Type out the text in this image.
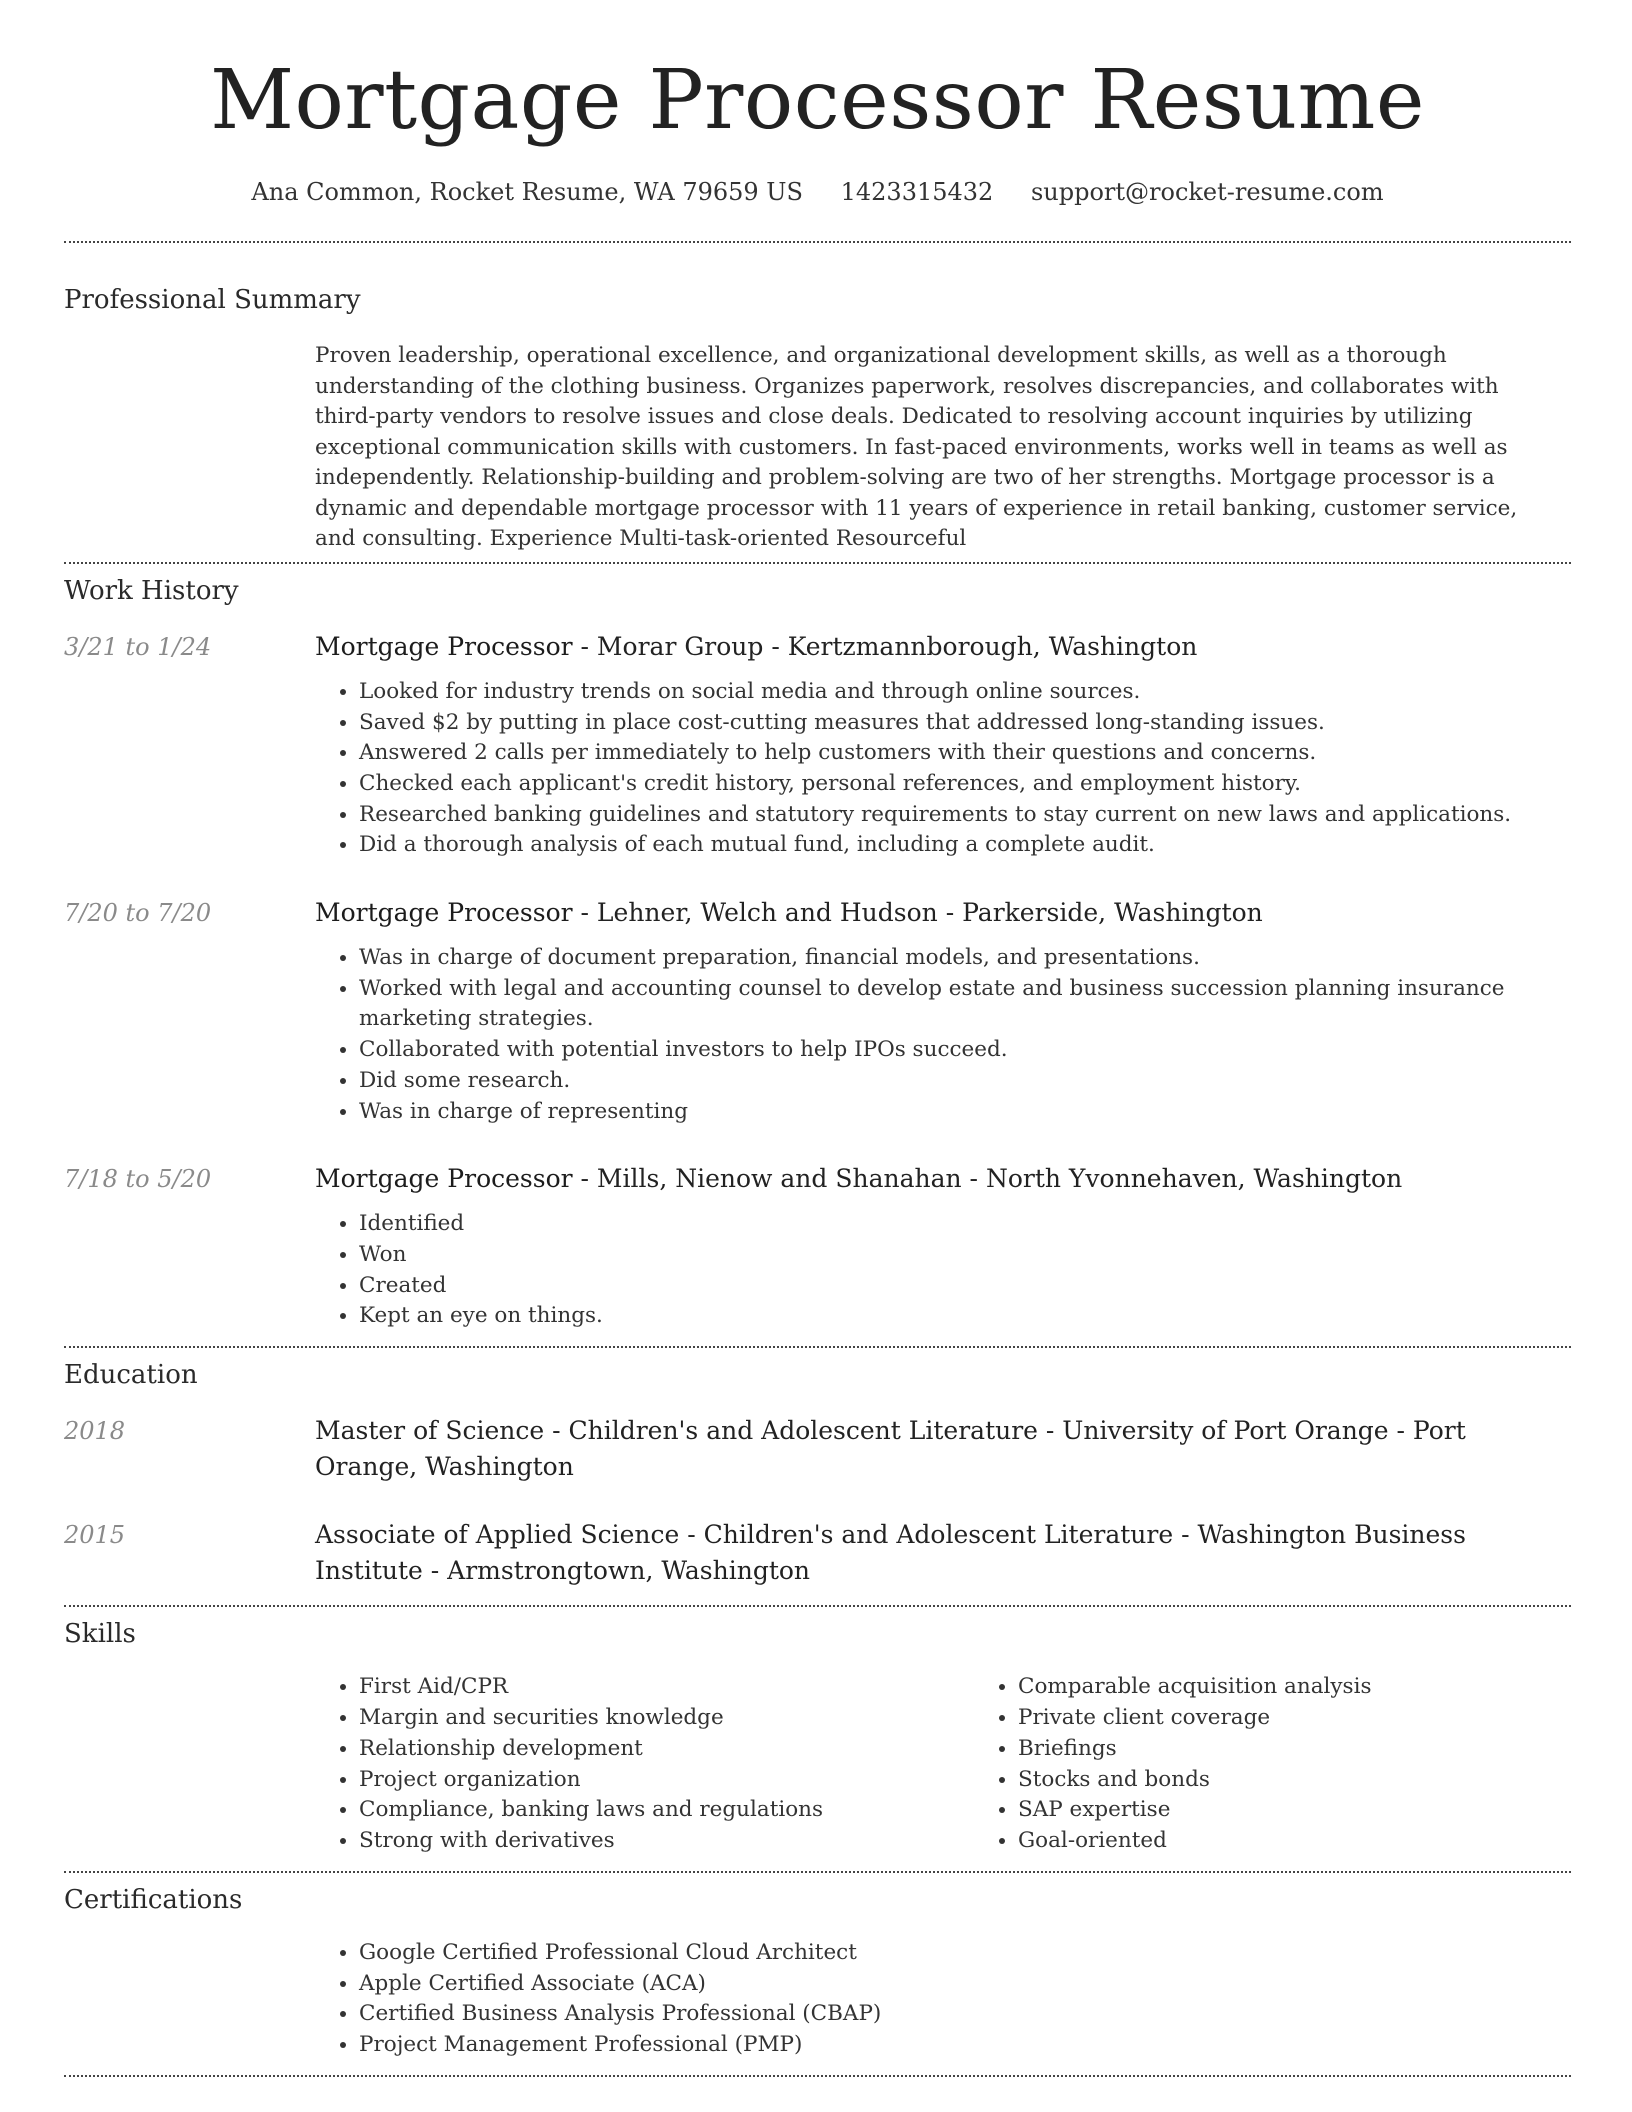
Mortgage Processor Resume
Ana Common, Rocket Resume, WA 79659 US 1423315432 support@rocket-resume.com
Professional Summary

Proven leadership, operational excellence, and organizational development skills, as well as a thorough understanding of the clothing business. Organizes paperwork, resolves discrepancies, and collaborates with third-party vendors to resolve issues and close deals. Dedicated to resolving account inquiries by utilizing exceptional communication skills with customers. In fast-paced environments, works well in teams as well as independently. Relationship-building and problem-solving are two of her strengths. Mortgage processor is a dynamic and dependable mortgage processor with 11 years of experience in retail banking, customer service, and consulting. Experience Multi-task-oriented Resourceful

Work History
3/21 to 1/24	Mortgage Processor - Morar Group - Kertzmannborough, Washington

• Looked for industry trends on social media and through online sources.
• Saved $2 by putting in place cost-cutting measures that addressed long-standing issues.
• Answered 2 calls per immediately to help customers with their questions and concerns.
• Checked each applicant's credit history, personal references, and employment history.
• Researched banking guidelines and statutory requirements to stay current on new laws and applications.
• Did a thorough analysis of each mutual fund, including a complete audit.
7/20 to 7/20	Mortgage Processor - Lehner, Welch and Hudson - Parkerside, Washington

• Was in charge of document preparation, financial models, and presentations.
• Worked with legal and accounting counsel to develop estate and business succession planning insurance marketing strategies.
• Collaborated with potential investors to help IPOs succeed.
• Did some research.
• Was in charge of representing
7/18 to 5/20	Mortgage Processor - Mills, Nienow and Shanahan - North Yvonnehaven, Washington

• Identified
• Won
• Created
• Kept an eye on things.
Education
2018	Master of Science - Children's and Adolescent Literature - University of Port Orange - Port Orange, Washington

2015	Associate of Applied Science - Children's and Adolescent Literature - Washington Business Institute - Armstrongtown, Washington

Skills
• First Aid/CPR
• Margin and securities knowledge
• Relationship development
• Project organization
• Compliance, banking laws and regulations
• Strong with derivatives
• Comparable acquisition analysis
• Private client coverage
• Briefings
• Stocks and bonds
• SAP expertise
• Goal-oriented
Certifications
• Google Certified Professional Cloud Architect
• Apple Certified Associate (ACA)
• Certified Business Analysis Professional (CBAP)
• Project Management Professional (PMP)
